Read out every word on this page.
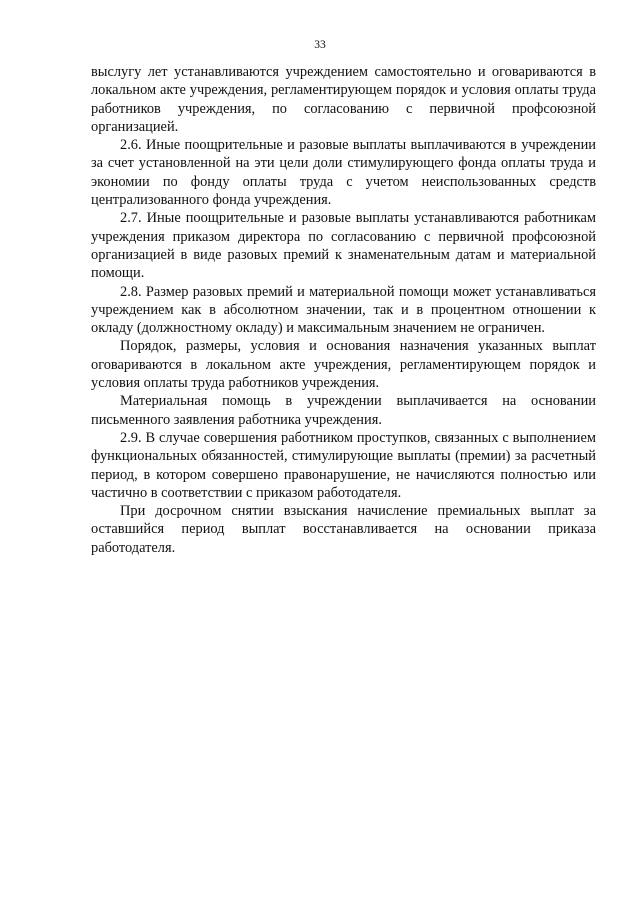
33

выслугу лет устанавливаются учреждением самостоятельно и оговариваются в локальном акте учреждения, регламентирующем порядок и условия оплаты труда работников учреждения, по согласованию с первичной профсоюзной организацией.

2.6. Иные поощрительные и разовые выплаты выплачиваются в учреждении за счет установленной на эти цели доли стимулирующего фонда оплаты труда и экономии по фонду оплаты труда с учетом неиспользованных средств централизованного фонда учреждения.

2.7. Иные поощрительные и разовые выплаты устанавливаются работникам учреждения приказом директора по согласованию с первичной профсоюзной организацией в виде разовых премий к знаменательным датам и материальной помощи.

2.8. Размер разовых премий и материальной помощи может устанавливаться учреждением как в абсолютном значении, так и в процентном отношении к окладу (должностному окладу) и максимальным значением не ограничен.

Порядок, размеры, условия и основания назначения указанных выплат оговариваются в локальном акте учреждения, регламентирующем порядок и условия оплаты труда работников учреждения.

Материальная помощь в учреждении выплачивается на основании письменного заявления работника учреждения.

2.9. В случае совершения работником проступков, связанных с выполнением функциональных обязанностей, стимулирующие выплаты (премии) за расчетный период, в котором совершено правонарушение, не начисляются полностью или частично в соответствии с приказом работодателя.

При досрочном снятии взыскания начисление премиальных выплат за оставшийся период выплат восстанавливается на основании приказа работодателя.
